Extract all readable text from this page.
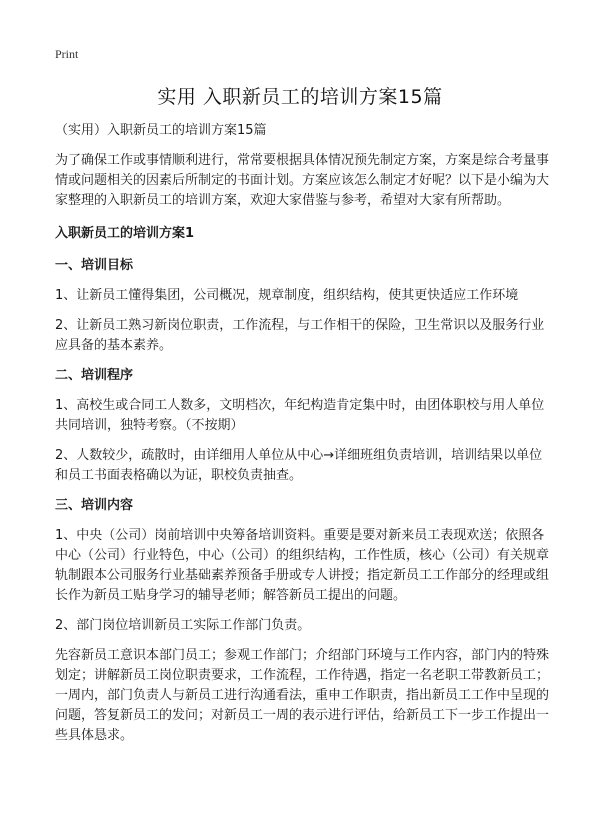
Print
实用 入职新员工的培训方案15篇

（实用）入职新员工的培训方案15篇

为了确保工作或事情顺利进行，常常要根据具体情况预先制定方案，方案是综合考量事情或问题相关的因素后所制定的书面计划。方案应该怎么制定才好呢？以下是小编为大家整理的入职新员工的培训方案，欢迎大家借鉴与参考，希望对大家有所帮助。

入职新员工的培训方案1

一、培训目标

1、让新员工懂得集团，公司概况，规章制度，组织结构，使其更快适应工作环境

2、让新员工熟习新岗位职责，工作流程，与工作相干的保险，卫生常识以及服务行业应具备的基本素养。

二、培训程序

1、高校生或合同工人数多，文明档次，年纪构造肯定集中时，由团体职校与用人单位共同培训，独特考察。（不按期）

2、人数较少，疏散时，由详细用人单位从中心→详细班组负责培训，培训结果以单位和员工书面表格确以为证，职校负责抽查。

三、培训内容

1、中央（公司）岗前培训中央筹备培训资料。重要是要对新来员工表现欢送；依照各中心（公司）行业特色，中心（公司）的组织结构，工作性质，核心（公司）有关规章轨制跟本公司服务行业基础素养预备手册或专人讲授；指定新员工工作部分的经理或组长作为新员工贴身学习的辅导老师；解答新员工提出的问题。

2、部门岗位培训新员工实际工作部门负责。

先容新员工意识本部门员工；参观工作部门；介绍部门环境与工作内容，部门内的特殊划定；讲解新员工岗位职责要求，工作流程，工作待遇，指定一名老职工带教新员工；一周内，部门负责人与新员工进行沟通看法，重申工作职责，指出新员工工作中呈现的问题，答复新员工的发问；对新员工一周的表示进行评估，给新员工下一步工作提出一些具体恳求。
